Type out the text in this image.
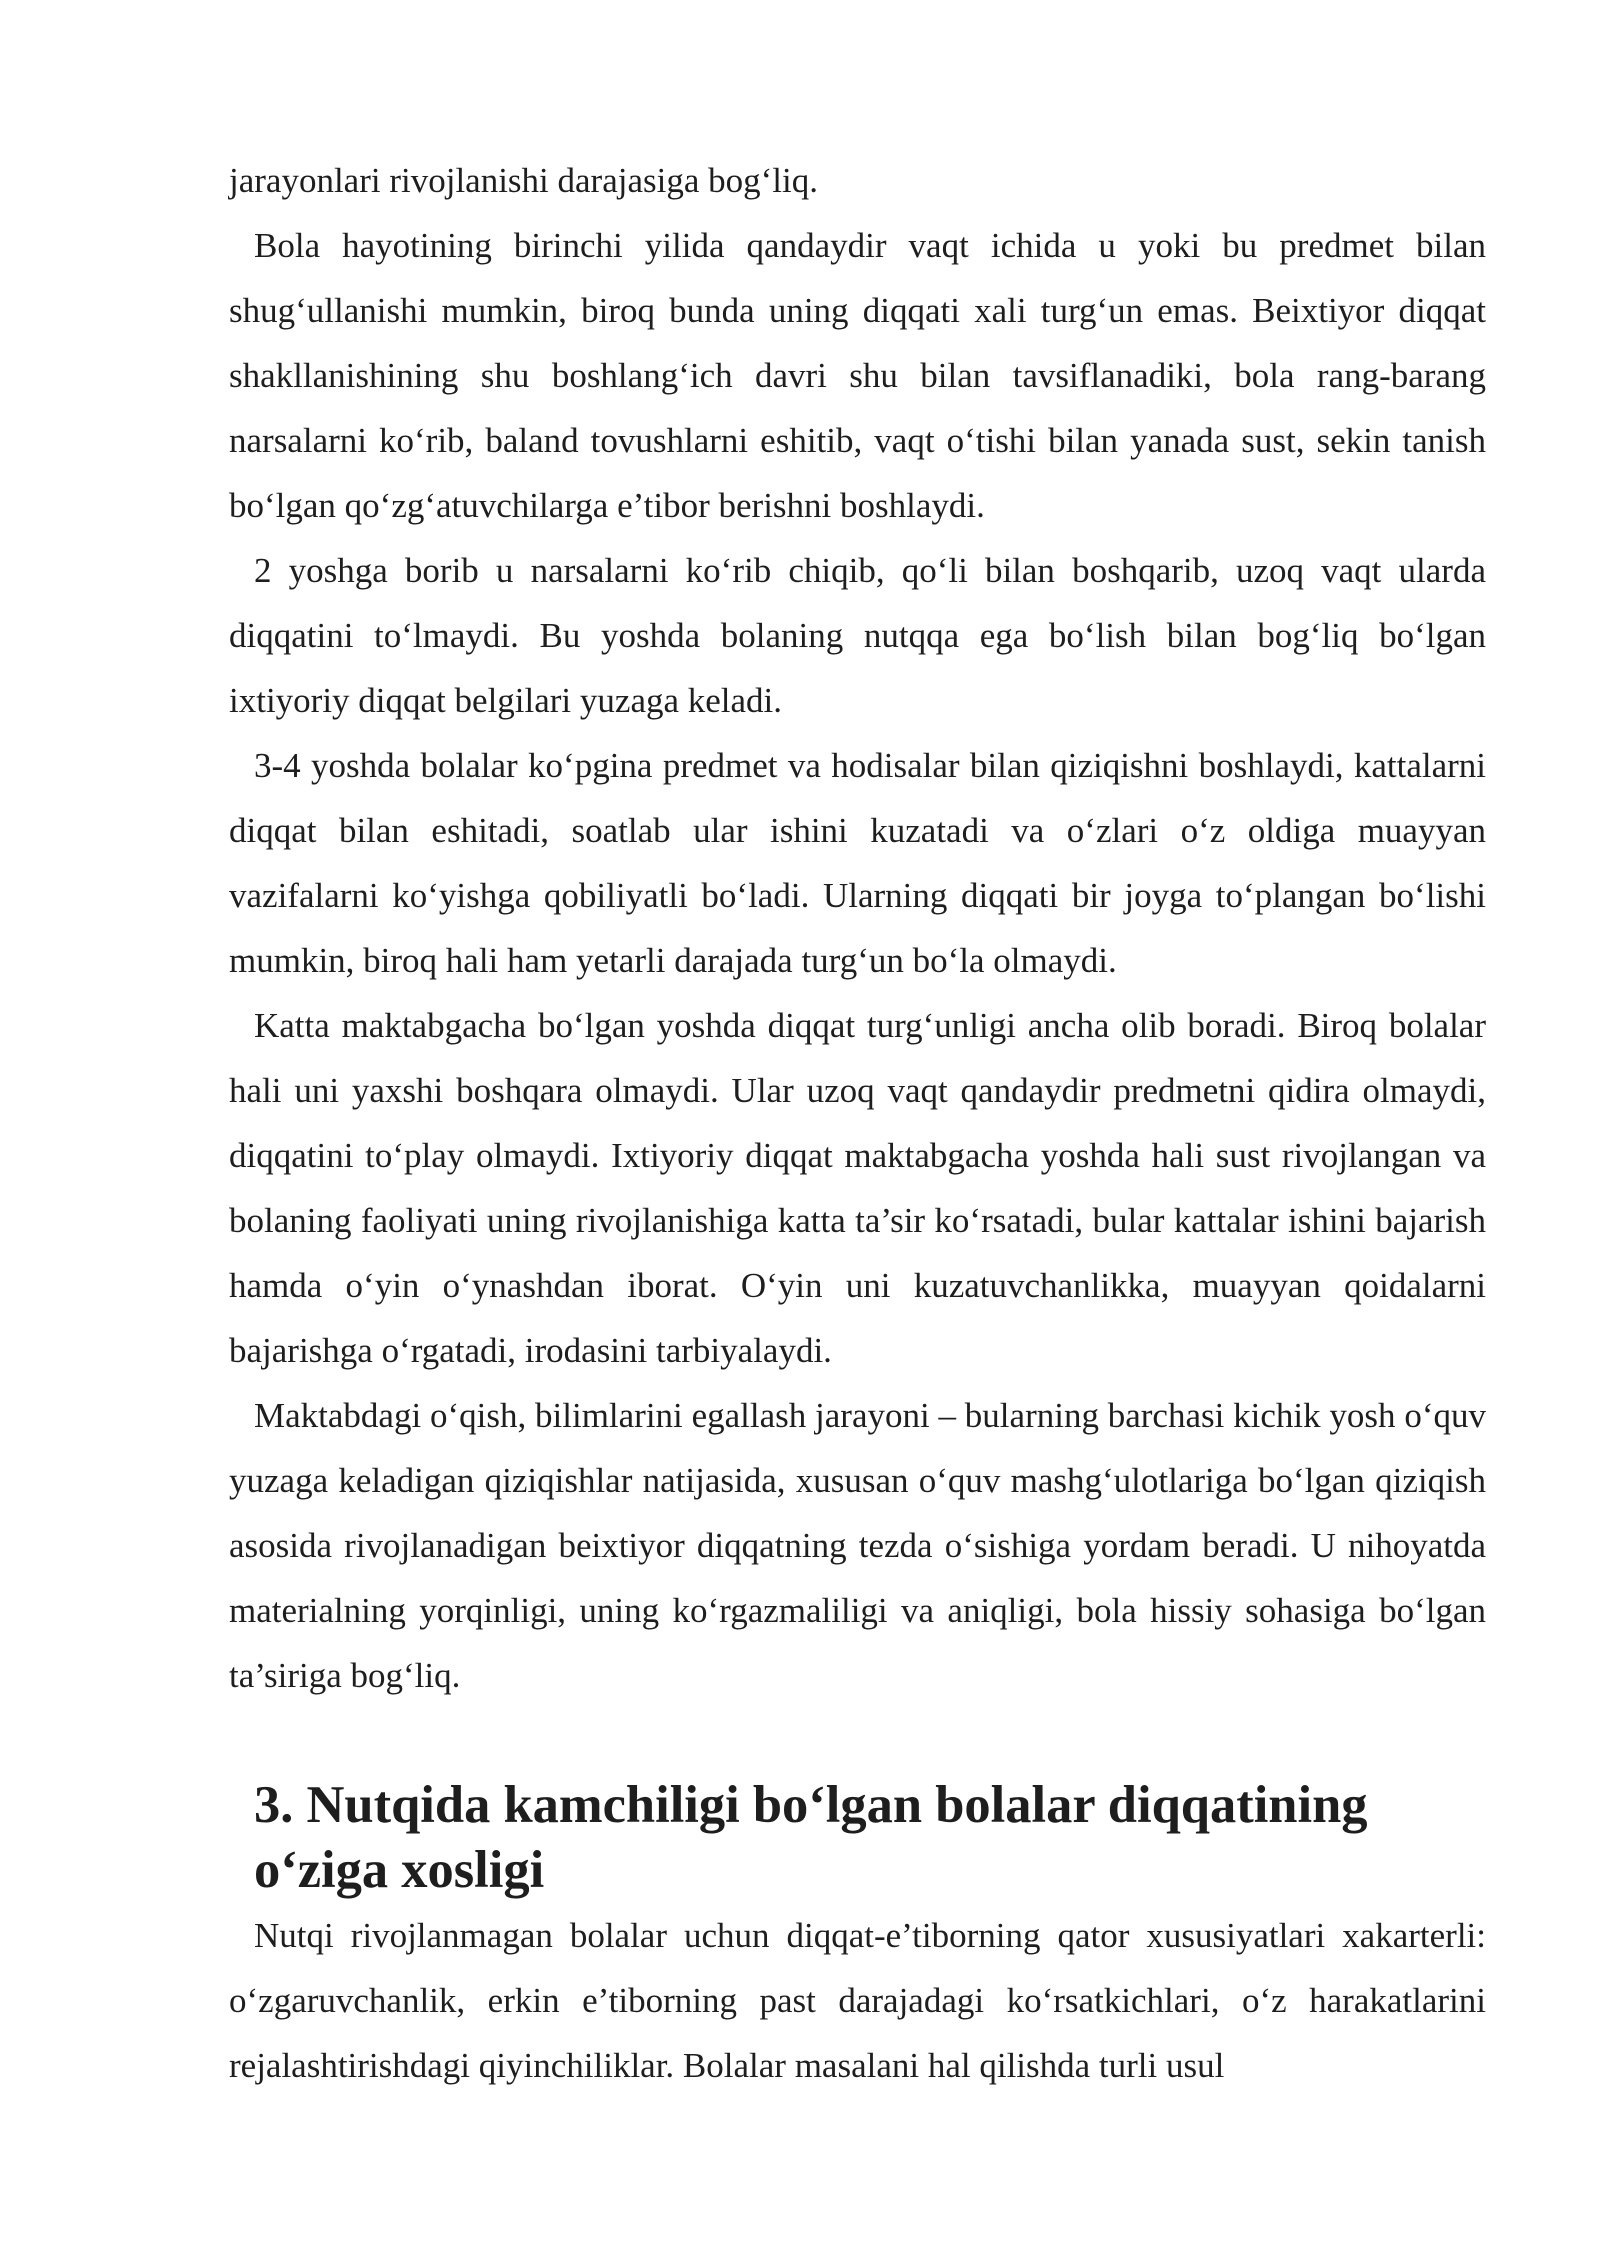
jarayonlari rivojlanishi darajasiga bog‘liq.

Bola hayotining birinchi yilida qandaydir vaqt ichida u yoki bu predmet bilan shug‘ullanishi mumkin, biroq bunda uning diqqati xali turg‘un emas. Beixtiyor diqqat shakllanishining shu boshlang‘ich davri shu bilan tavsiflanadiki, bola rang-barang narsalarni ko‘rib, baland tovushlarni eshitib, vaqt o‘tishi bilan yanada sust, sekin tanish bo‘lgan qo‘zg‘atuvchilarga e’tibor berishni boshlaydi.

2 yoshga borib u narsalarni ko‘rib chiqib, qo‘li bilan boshqarib, uzoq vaqt ularda diqqatini to‘lmaydi. Bu yoshda bolaning nutqqa ega bo‘lish bilan bog‘liq bo‘lgan ixtiyoriy diqqat belgilari yuzaga keladi.

3-4 yoshda bolalar ko‘pgina predmet va hodisalar bilan qiziqishni boshlaydi, kattalarni diqqat bilan eshitadi, soatlab ular ishini kuzatadi va o‘zlari o‘z oldiga muayyan vazifalarni ko‘yishga qobiliyatli bo‘ladi. Ularning diqqati bir joyga to‘plangan bo‘lishi mumkin, biroq hali ham yetarli darajada turg‘un bo‘la olmaydi.

Katta maktabgacha bo‘lgan yoshda diqqat turg‘unligi ancha olib boradi. Biroq bolalar hali uni yaxshi boshqara olmaydi. Ular uzoq vaqt qandaydir predmetni qidira olmaydi, diqqatini to‘play olmaydi. Ixtiyoriy diqqat maktabgacha yoshda hali sust rivojlangan va bolaning faoliyati uning rivojlanishiga katta ta’sir ko‘rsatadi, bular kattalar ishini bajarish hamda o‘yin o‘ynashdan iborat. O‘yin uni kuzatuvchanlikka, muayyan qoidalarni bajarishga o‘rgatadi, irodasini tarbiyalaydi.

Maktabdagi o‘qish, bilimlarini egallash jarayoni – bularning barchasi kichik yosh o‘quv yuzaga keladigan qiziqishlar natijasida, xususan o‘quv mashg‘ulotlariga bo‘lgan qiziqish asosida rivojlanadigan beixtiyor diqqatning tezda o‘sishiga yordam beradi. U nihoyatda materialning yorqinligi, uning ko‘rgazmaliligi va aniqligi, bola hissiy sohasiga bo‘lgan ta’siriga bog‘liq.

3. Nutqida kamchiligi bo‘lgan bolalar diqqatining o‘ziga xosligi

Nutqi rivojlanmagan bolalar uchun diqqat-e’tiborning qator xususiyatlari xakarterli: o‘zgaruvchanlik, erkin e’tiborning past darajadagi ko‘rsatkichlari, o‘z harakatlarini rejalashtirishdagi qiyinchiliklar. Bolalar masalani hal qilishda turli usul
